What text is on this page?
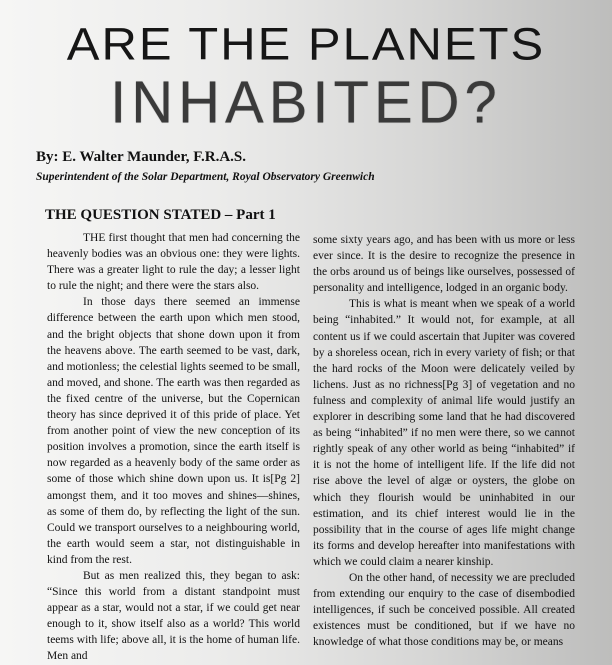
ARE THE PLANETS
INHABITED?

By: E. Walter Maunder, F.R.A.S.

Superintendent of the Solar Department, Royal Observatory Greenwich

THE QUESTION STATED – Part 1

THE first thought that men had concerning the heavenly bodies was an obvious one: they were lights. There was a greater light to rule the day; a lesser light to rule the night; and there were the stars also.

In those days there seemed an immense difference between the earth upon which men stood, and the bright objects that shone down upon it from the heavens above. The earth seemed to be vast, dark, and motionless; the celestial lights seemed to be small, and moved, and shone. The earth was then regarded as the fixed centre of the universe, but the Copernican theory has since deprived it of this pride of place. Yet from another point of view the new conception of its position involves a promotion, since the earth itself is now regarded as a heavenly body of the same order as some of those which shine down upon us. It is[Pg 2] amongst them, and it too moves and shines—shines, as some of them do, by reflecting the light of the sun. Could we transport ourselves to a neighbouring world, the earth would seem a star, not distinguishable in kind from the rest.

But as men realized this, they began to ask: “Since this world from a distant standpoint must appear as a star, would not a star, if we could get near enough to it, show itself also as a world? This world teems with life; above all, it is the home of human life. Men and

some sixty years ago, and has been with us more or less ever since. It is the desire to recognize the presence in the orbs around us of beings like ourselves, possessed of personality and intelligence, lodged in an organic body.

This is what is meant when we speak of a world being “inhabited.” It would not, for example, at all content us if we could ascertain that Jupiter was covered by a shoreless ocean, rich in every variety of fish; or that the hard rocks of the Moon were delicately veiled by lichens. Just as no richness[Pg 3] of vegetation and no fulness and complexity of animal life would justify an explorer in describing some land that he had discovered as being “inhabited” if no men were there, so we cannot rightly speak of any other world as being “inhabited” if it is not the home of intelligent life. If the life did not rise above the level of algæ or oysters, the globe on which they flourish would be uninhabited in our estimation, and its chief interest would lie in the possibility that in the course of ages life might change its forms and develop hereafter into manifestations with which we could claim a nearer kinship.

On the other hand, of necessity we are precluded from extending our enquiry to the case of disembodied intelligences, if such be conceived possible. All created existences must be conditioned, but if we have no knowledge of what those conditions may be, or means
